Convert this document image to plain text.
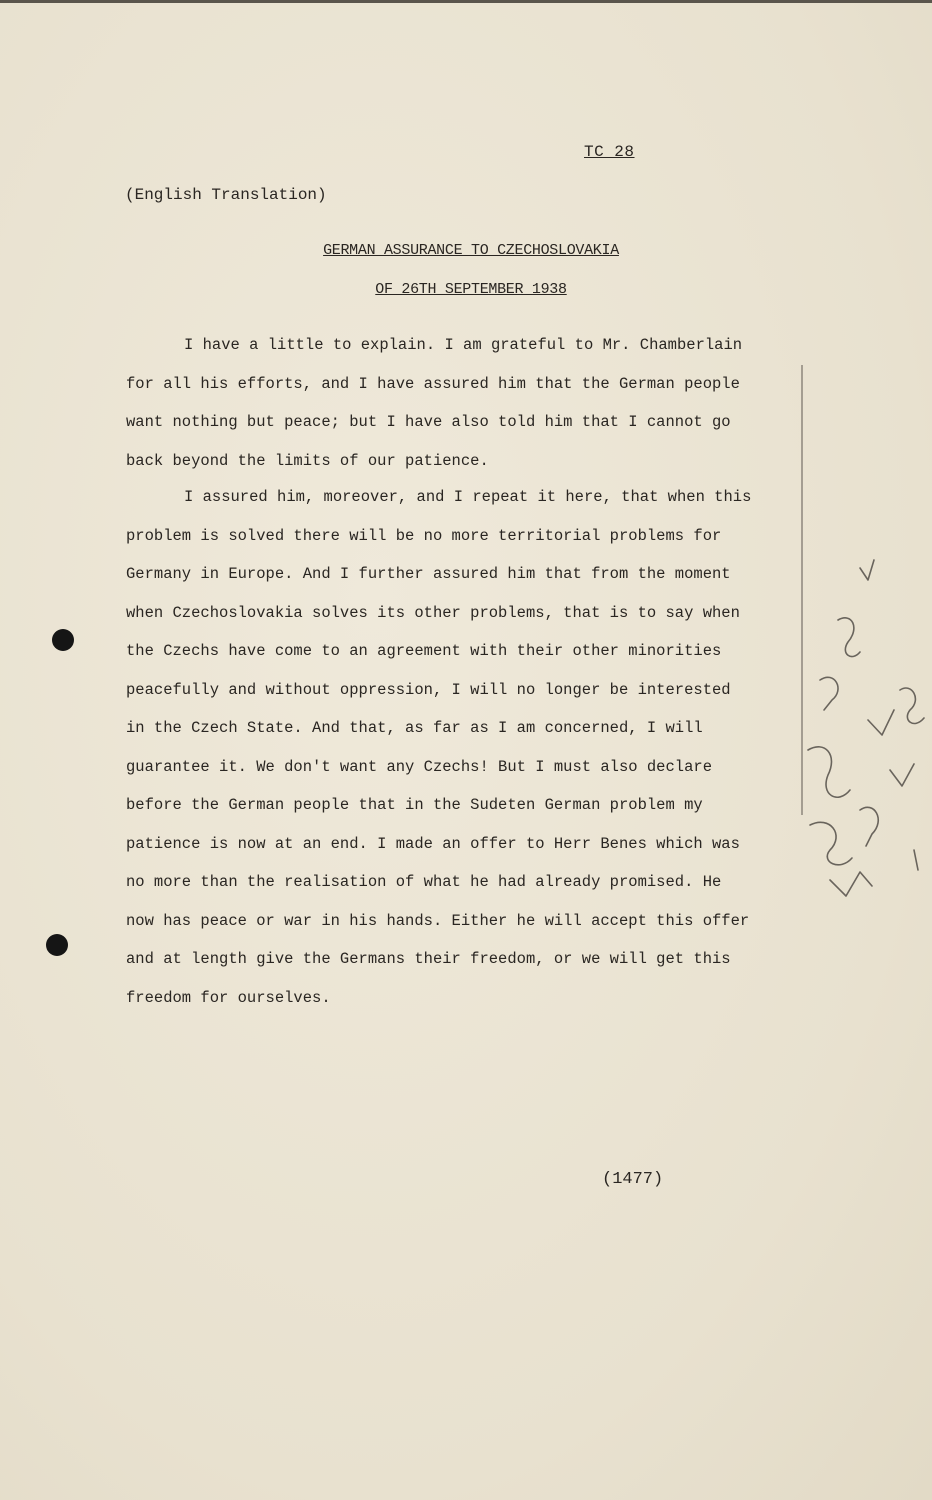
TC 28
(English Translation)
GERMAN ASSURANCE TO CZECHOSLOVAKIA
OF 26TH SEPTEMBER 1938
I have a little to explain. I am grateful to Mr. Chamberlain
for all his efforts, and I have assured him that the German people
want nothing but peace; but I have also told him that I cannot go
back beyond the limits of our patience.
I assured him, moreover, and I repeat it here, that when this
problem is solved there will be no more territorial problems for
Germany in Europe. And I further assured him that from the moment
when Czechoslovakia solves its other problems, that is to say when
the Czechs have come to an agreement with their other minorities
peacefully and without oppression, I will no longer be interested
in the Czech State. And that, as far as I am concerned, I will
guarantee it. We don't want any Czechs! But I must also declare
before the German people that in the Sudeten German problem my
patience is now at an end. I made an offer to Herr Benes which was
no more than the realisation of what he had already promised. He
now has peace or war in his hands. Either he will accept this offer
and at length give the Germans their freedom, or we will get this
freedom for ourselves.
(1477)
